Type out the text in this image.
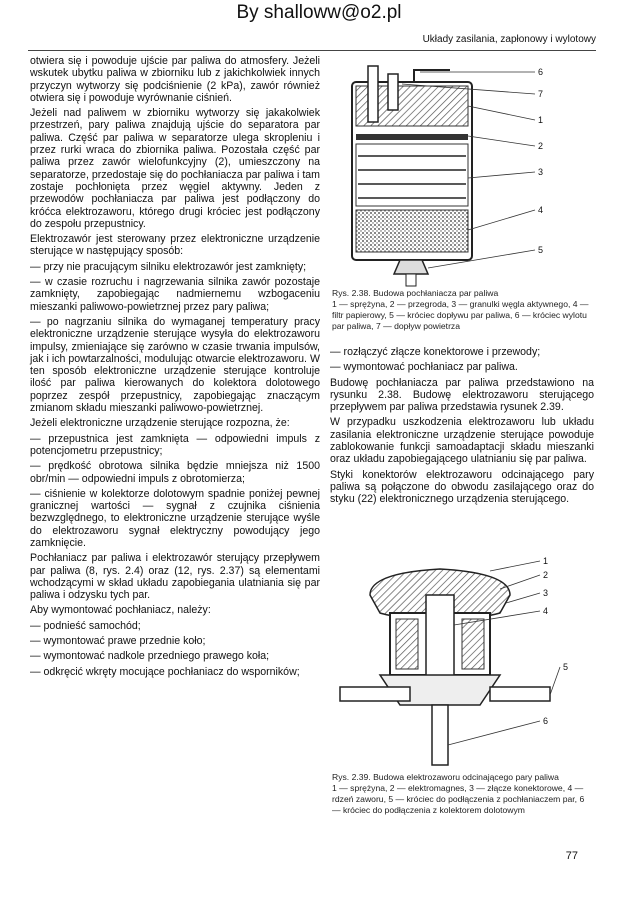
By shalloww@o2.pl
Układy zasilania, zapłonowy i wylotowy

otwiera się i powoduje ujście par paliwa do atmosfery. Jeżeli wskutek ubytku paliwa w zbiorniku lub z jakichkolwiek innych przyczyn wytworzy się podciśnienie (2 kPa), zawór również otwiera się i powoduje wyrównanie ciśnień.

Jeżeli nad paliwem w zbiorniku wytworzy się jakakolwiek przestrzeń, pary paliwa znajdują ujście do separatora par paliwa. Część par paliwa w separatorze ulega skropleniu i przez rurki wraca do zbiornika paliwa. Pozostała część par paliwa przez zawór wielofunkcyjny (2), umieszczony na separatorze, przedostaje się do pochłaniacza par paliwa i tam zostaje pochłonięta przez węgiel aktywny. Jeden z przewodów pochłaniacza par paliwa jest podłączony do króćca elektrozaworu, którego drugi króciec jest podłączony do zespołu przepustnicy.

Elektrozawór jest sterowany przez elektroniczne urządzenie sterujące w następujący sposób:

— przy nie pracującym silniku elektrozawór jest zamknięty;

— w czasie rozruchu i nagrzewania silnika zawór pozostaje zamknięty, zapobiegając nadmiernemu wzbogaceniu mieszanki paliwowo-powietrznej przez pary paliwa;

— po nagrzaniu silnika do wymaganej temperatury pracy elektroniczne urządzenie sterujące wysyła do elektrozaworu impulsy, zmieniające się zarówno w czasie trwania impulsów, jak i ich powtarzalności, modulując otwarcie elektrozaworu. W ten sposób elektroniczne urządzenie sterujące kontroluje ilość par paliwa kierowanych do kolektora dolotowego poprzez zespół przepustnicy, zapobiegając znaczącym zmianom składu mieszanki paliwowo-powietrznej.

Jeżeli elektroniczne urządzenie sterujące rozpozna, że:

— przepustnica jest zamknięta — odpowiedni impuls z potencjometru przepustnicy;

— prędkość obrotowa silnika będzie mniejsza niż 1500 obr/min — odpowiedni impuls z obrotomierza;

— ciśnienie w kolektorze dolotowym spadnie poniżej pewnej granicznej wartości — sygnał z czujnika ciśnienia bezwzględnego, to elektroniczne urządzenie sterujące wyśle do elektrozaworu sygnał elektryczny powodujący jego zamknięcie.

Pochłaniacz par paliwa i elektrozawór sterujący przepływem par paliwa (8, rys. 2.4) oraz (12, rys. 2.37) są elementami wchodzącymi w skład układu zapobiegania ulatniania się par paliwa i odzysku tych par.

Aby wymontować pochłaniacz, należy:

— podnieść samochód;

— wymontować prawe przednie koło;

— wymontować nadkole przedniego prawego koła;

— odkręcić wkręty mocujące pochłaniacz do wsporników;

6
7
1
2
3
4
5
Rys. 2.38. Budowa pochłaniacza par paliwa
1 — sprężyna, 2 — przegroda, 3 — granulki węgla aktywnego, 4 — filtr papierowy, 5 — króciec dopływu par paliwa, 6 — króciec wylotu par paliwa, 7 — dopływ powietrza

— rozłączyć złącze konektorowe i przewody;

— wymontować pochłaniacz par paliwa.

Budowę pochłaniacza par paliwa przedstawiono na rysunku 2.38. Budowę elektrozaworu sterującego przepływem par paliwa przedstawia rysunek 2.39.

W przypadku uszkodzenia elektrozaworu lub układu zasilania elektroniczne urządzenie sterujące powoduje zablokowanie funkcji samoadaptacji składu mieszanki oraz układu zapobiegającego ulatnianiu się par paliwa.

Styki konektorów elektrozaworu odcinającego pary paliwa są połączone do obwodu zasilającego oraz do styku (22) elektronicznego urządzenia sterującego.

1
2
3
4
5
6
Rys. 2.39. Budowa elektrozaworu odcinającego pary paliwa
1 — sprężyna, 2 — elektromagnes, 3 — złącze konektorowe, 4 — rdzeń zaworu, 5 — króciec do podłączenia z pochłaniaczem par, 6 — króciec do podłączenia z kolektorem dolotowym
77
